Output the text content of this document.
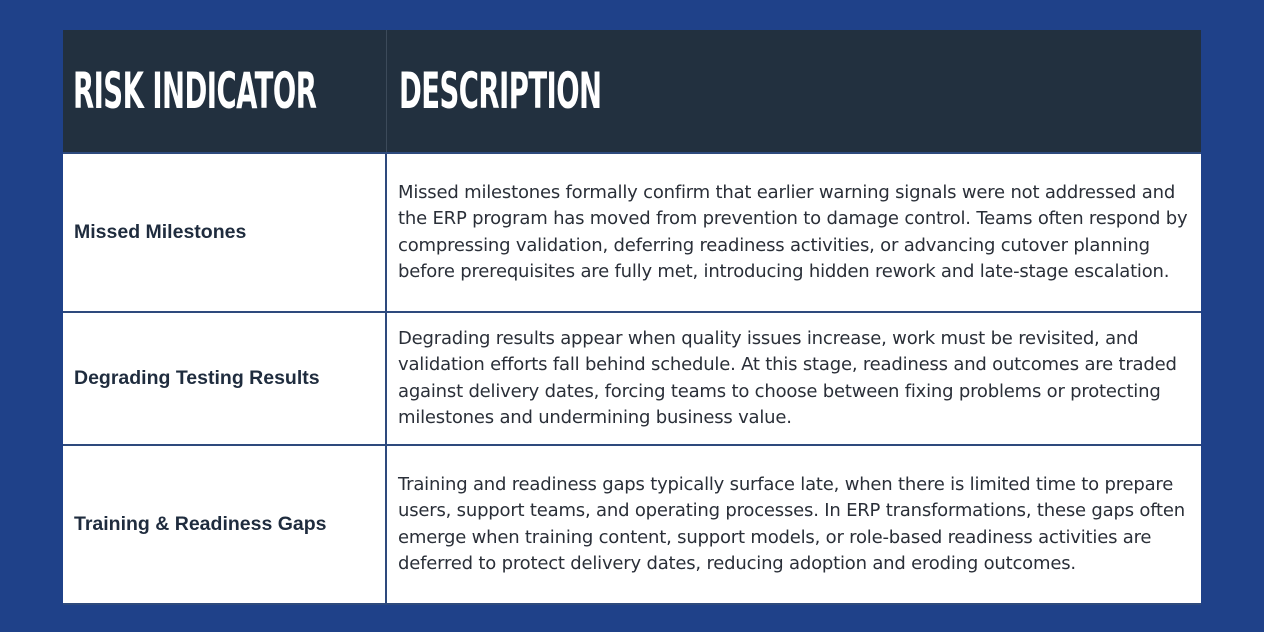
RISK INDICATOR	DESCRIPTION
Missed Milestones	Missed milestones formally confirm that earlier warning signals were not addressed and the ERP program has moved from prevention to damage control. Teams often respond by compressing validation, deferring readiness activities, or advancing cutover planning before prerequisites are fully met, introducing hidden rework and late-stage escalation.
Degrading Testing Results	Degrading results appear when quality issues increase, work must be revisited, and validation efforts fall behind schedule. At this stage, readiness and outcomes are traded against delivery dates, forcing teams to choose between fixing problems or protecting milestones and undermining business value.
Training & Readiness Gaps	Training and readiness gaps typically surface late, when there is limited time to prepare users, support teams, and operating processes. In ERP transformations, these gaps often emerge when training content, support models, or role-based readiness activities are deferred to protect delivery dates, reducing adoption and eroding outcomes.
